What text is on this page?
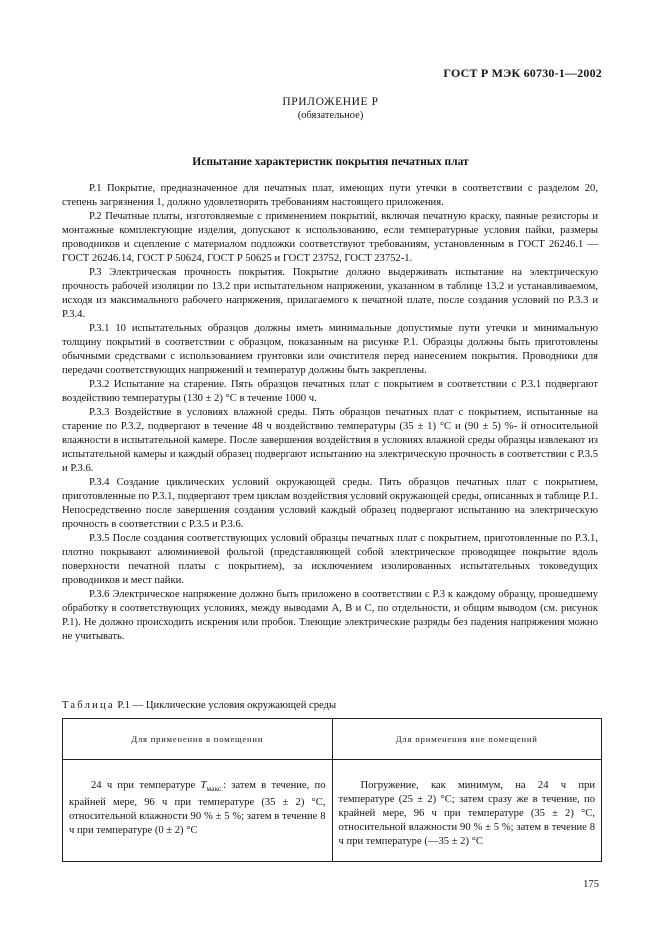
ГОСТ Р МЭК 60730-1—2002
ПРИЛОЖЕНИЕ Р
(обязательное)
Испытание характеристик покрытия печатных плат

Р.1 Покрытие, предназначенное для печатных плат, имеющих пути утечки в соответствии с разделом 20, степень загрязнения 1, должно удовлетворять требованиям настоящего приложения.

Р.2 Печатные платы, изготовляемые с применением покрытий, включая печатную краску, паяные резисторы и монтажные комплектующие изделия, допускают к использованию, если температурные условия пайки, размеры проводников и сцепление с материалом подложки соответствуют требованиям, установленным в ГОСТ 26246.1 — ГОСТ 26246.14, ГОСТ Р 50624, ГОСТ Р 50625 и ГОСТ 23752, ГОСТ 23752-1.

Р.3 Электрическая прочность покрытия. Покрытие должно выдерживать испытание на электрическую прочность рабочей изоляции по 13.2 при испытательном напряжении, указанном в таблице 13.2 и устанавливаемом, исходя из максимального рабочего напряжения, прилагаемого к печатной плате, после создания условий по Р.3.3 и Р.3.4.

Р.3.1 10 испытательных образцов должны иметь минимальные допустимые пути утечки и минимальную толщину покрытий в соответствии с образцом, показанным на рисунке Р.1. Образцы должны быть приготовлены обычными средствами с использованием грунтовки или очистителя перед нанесением покрытия. Проводники для передачи соответствующих напряжений и температур должны быть закреплены.

Р.3.2 Испытание на старение. Пять образцов печатных плат с покрытием в соответствии с Р.3.1 подвергают воздействию температуры (130 ± 2) °С в течение 1000 ч.

Р.3.3 Воздействие в условиях влажной среды. Пять образцов печатных плат с покрытием, испытанные на старение по Р.3.2, подвергают в течение 48 ч воздействию температуры (35 ± 1) °С и (90 ± 5) %- й относительной влажности в испытательной камере. После завершения воздействия в условиях влажной среды образцы извлекают из испытательной камеры и каждый образец подвергают испытанию на электрическую прочность в соответствии с Р.3.5 и Р.3.6.

Р.3.4 Создание циклических условий окружающей среды. Пять образцов печатных плат с покрытием, приготовленные по Р.3.1, подвергают трем циклам воздействия условий окружающей среды, описанных в таблице Р.1. Непосредственно после завершения создания условий каждый образец подвергают испытанию на электрическую прочность в соответствии с Р.3.5 и Р.3.6.

Р.3.5 После создания соответствующих условий образцы печатных плат с покрытием, приготовленные по Р.3.1, плотно покрывают алюминиевой фольгой (представляющей собой электрическое проводящее покрытие вдоль поверхности печатной платы с покрытием), за исключением изолированных испытательных токоведущих проводников и мест пайки.

Р.3.6 Электрическое напряжение должно быть приложено в соответствии с Р.3 к каждому образцу, прошедшему обработку в соответствующих условиях, между выводами А, В и С, по отдельности, и общим выводом (см. рисунок Р.1). Не должно происходить искрения или пробоя. Тлеющие электрические разряды без падения напряжения можно не учитывать.

Таблица Р.1 — Циклические условия окружающей среды
Для применения в помещении	Для применения вне помещений

24 ч при температуре $T_{макс.}$: затем в течение, по крайней мере, 96 ч при температуре (35 ± 2) °С, относительной влажности 90 % ± 5 %; затем в течение 8 ч при температуре (0 ± 2) °С	Погружение, как минимум, на 24 ч при температуре (25 ± 2) °С; затем сразу же в течение, по крайней мере, 96 ч при температуре (35 ± 2) °С, относительной влажности 90 % ± 5 %; затем в течение 8 ч при температуре (—35 ± 2) °С
175
